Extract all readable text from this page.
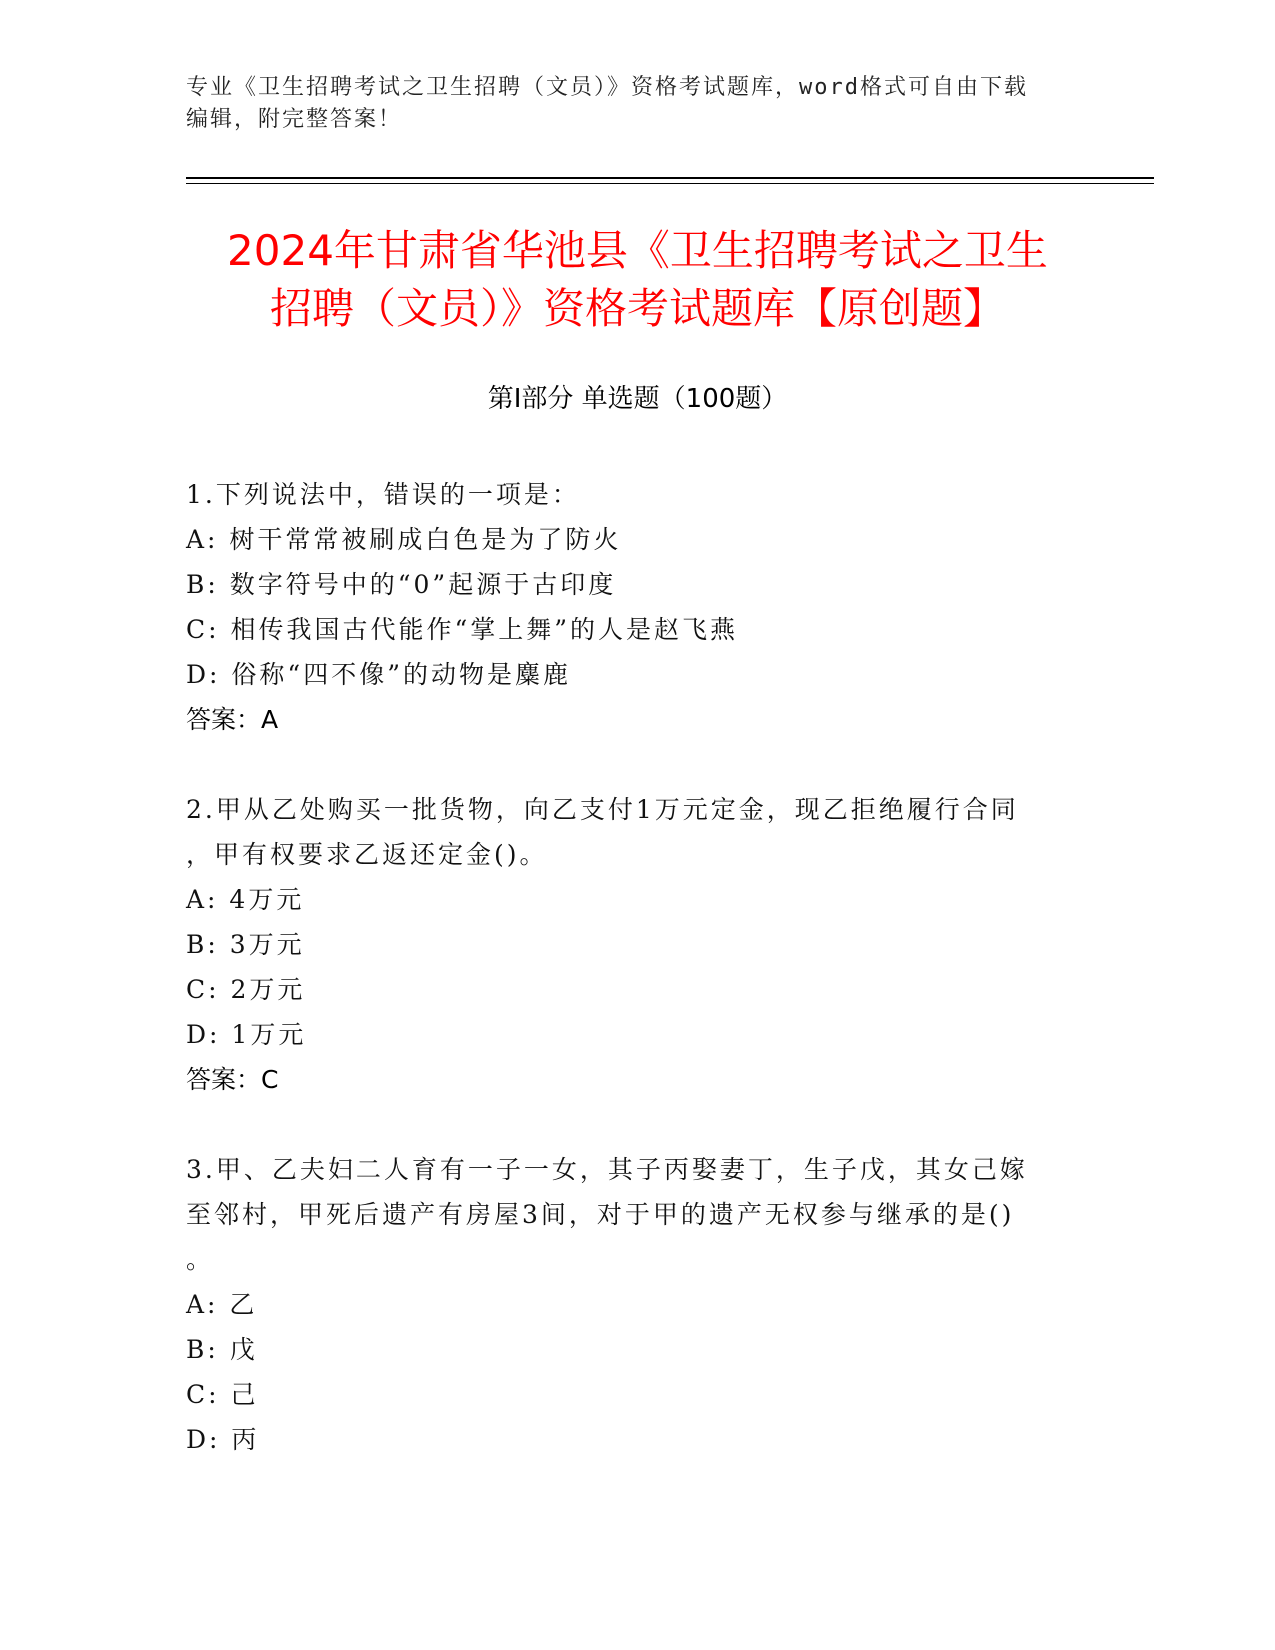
专业《卫生招聘考试之卫生招聘（文员）》资格考试题库，word格式可自由下载
编辑，附完整答案！
2024年甘肃省华池县《卫生招聘考试之卫生
招聘（文员）》资格考试题库【原创题】
第Ⅰ部分 单选题（100题）
1.下列说法中，错误的一项是：
A: 树干常常被刷成白色是为了防火
B: 数字符号中的“0”起源于古印度
C: 相传我国古代能作“掌上舞”的人是赵飞燕
D: 俗称“四不像”的动物是麋鹿
答案：A
2.甲从乙处购买一批货物，向乙支付1万元定金，现乙拒绝履行合同
，甲有权要求乙返还定金()。
A: 4万元
B: 3万元
C: 2万元
D: 1万元
答案：C
3.甲、乙夫妇二人育有一子一女，其子丙娶妻丁，生子戊，其女己嫁
至邻村，甲死后遗产有房屋3间，对于甲的遗产无权参与继承的是()
。
A: 乙
B: 戊
C: 己
D: 丙
